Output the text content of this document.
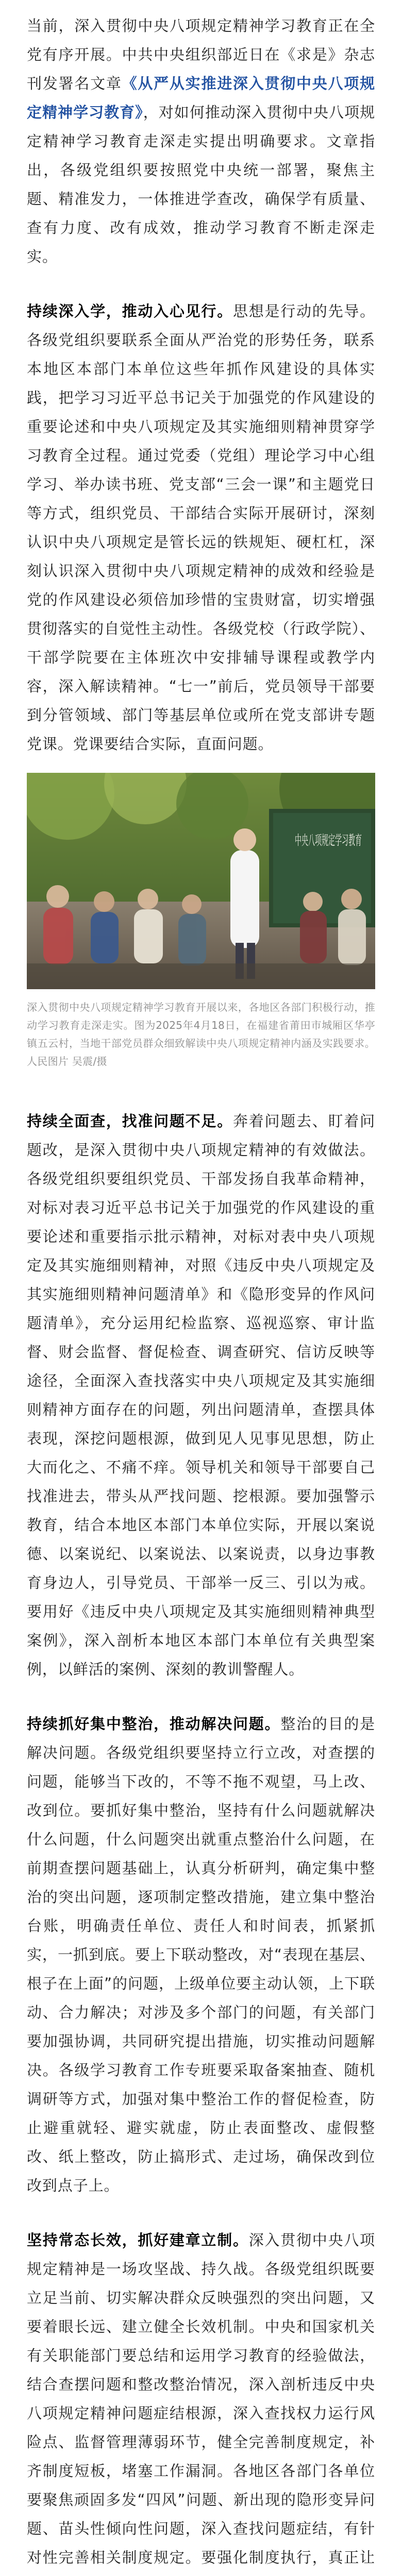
当前，深入贯彻中央八项规定精神学习教育正在全党有序开展。中共中央组织部近日在《求是》杂志刊发署名文章《从严从实推进深入贯彻中央八项规定精神学习教育》，对如何推动深入贯彻中央八项规定精神学习教育走深走实提出明确要求。文章指出，各级党组织要按照党中央统一部署，聚焦主题、精准发力，一体推进学查改，确保学有质量、查有力度、改有成效，推动学习教育不断走深走实。

持续深入学，推动入心见行。思想是行动的先导。各级党组织要联系全面从严治党的形势任务，联系本地区本部门本单位这些年抓作风建设的具体实践，把学习习近平总书记关于加强党的作风建设的重要论述和中央八项规定及其实施细则精神贯穿学习教育全过程。通过党委（党组）理论学习中心组学习、举办读书班、党支部“三会一课”和主题党日等方式，组织党员、干部结合实际开展研讨，深刻认识中央八项规定是管长远的铁规矩、硬杠杠，深刻认识深入贯彻中央八项规定精神的成效和经验是党的作风建设必须倍加珍惜的宝贵财富，切实增强贯彻落实的自觉性主动性。各级党校（行政学院）、干部学院要在主体班次中安排辅导课程或教学内容，深入解读精神。“七一”前后，党员领导干部要到分管领域、部门等基层单位或所在党支部讲专题党课。党课要结合实际，直面问题。

中央八项规定学习教育

深入贯彻中央八项规定精神学习教育开展以来，各地区各部门积极行动，推动学习教育走深走实。图为2025年4月18日，在福建省莆田市城厢区华亭镇五云村，当地干部党员群众细致解读中央八项规定精神内涵及实践要求。人民图片 吴震/摄

持续全面查，找准问题不足。奔着问题去、盯着问题改，是深入贯彻中央八项规定精神的有效做法。各级党组织要组织党员、干部发扬自我革命精神，对标对表习近平总书记关于加强党的作风建设的重要论述和重要指示批示精神，对标对表中央八项规定及其实施细则精神，对照《违反中央八项规定及其实施细则精神问题清单》和《隐形变异的作风问题清单》，充分运用纪检监察、巡视巡察、审计监督、财会监督、督促检查、调查研究、信访反映等途径，全面深入查找落实中央八项规定及其实施细则精神方面存在的问题，列出问题清单，查摆具体表现，深挖问题根源，做到见人见事见思想，防止大而化之、不痛不痒。领导机关和领导干部要自己找准进去，带头从严找问题、挖根源。要加强警示教育，结合本地区本部门本单位实际，开展以案说德、以案说纪、以案说法、以案说责，以身边事教育身边人，引导党员、干部举一反三、引以为戒。要用好《违反中央八项规定及其实施细则精神典型案例》，深入剖析本地区本部门本单位有关典型案例，以鲜活的案例、深刻的教训警醒人。

持续抓好集中整治，推动解决问题。整治的目的是解决问题。各级党组织要坚持立行立改，对查摆的问题，能够当下改的，不等不拖不观望，马上改、改到位。要抓好集中整治，坚持有什么问题就解决什么问题，什么问题突出就重点整治什么问题，在前期查摆问题基础上，认真分析研判，确定集中整治的突出问题，逐项制定整改措施，建立集中整治台账，明确责任单位、责任人和时间表，抓紧抓实，一抓到底。要上下联动整改，对“表现在基层、根子在上面”的问题，上级单位要主动认领，上下联动、合力解决；对涉及多个部门的问题，有关部门要加强协调，共同研究提出措施，切实推动问题解决。各级学习教育工作专班要采取备案抽查、随机调研等方式，加强对集中整治工作的督促检查，防止避重就轻、避实就虚，防止表面整改、虚假整改、纸上整改，防止搞形式、走过场，确保改到位改到点子上。

坚持常态长效，抓好建章立制。深入贯彻中央八项规定精神是一场攻坚战、持久战。各级党组织既要立足当前、切实解决群众反映强烈的突出问题，又要着眼长远、建立健全长效机制。中央和国家机关有关职能部门要总结和运用学习教育的经验做法，结合查摆问题和整改整治情况，深入剖析违反中央八项规定精神问题症结根源，深入查找权力运行风险点、监督管理薄弱环节，健全完善制度规定，补齐制度短板，堵塞工作漏洞。各地区各部门各单位要聚焦顽固多发“四风”问题、新出现的隐形变异问题、苗头性倾向性问题，深入查找问题症结，有针对性完善相关制度规定。要强化制度执行，真正让
